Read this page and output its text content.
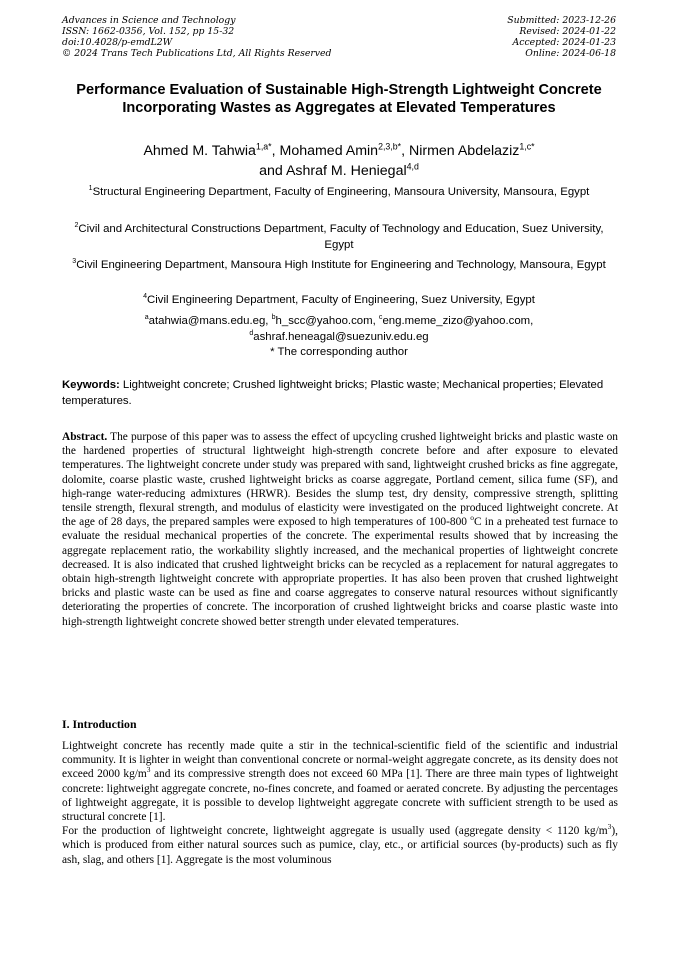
Advances in Science and Technology
ISSN: 1662-0356, Vol. 152, pp 15-32
doi:10.4028/p-emdL2W
© 2024 Trans Tech Publications Ltd, All Rights Reserved
Submitted: 2023-12-26
Revised: 2024-01-22
Accepted: 2024-01-23
Online: 2024-06-18
Performance Evaluation of Sustainable High-Strength Lightweight Concrete Incorporating Wastes as Aggregates at Elevated Temperatures
Ahmed M. Tahwia$^{1,a*}$, Mohamed Amin$^{2,3,b*}$, Nirmen Abdelaziz$^{1,c*}$
and Ashraf M. Heniegal$^{4,d}$
$^1$Structural Engineering Department, Faculty of Engineering, Mansoura University, Mansoura, Egypt
$^2$Civil and Architectural Constructions Department, Faculty of Technology and Education, Suez University, Egypt
$^3$Civil Engineering Department, Mansoura High Institute for Engineering and Technology, Mansoura, Egypt
$^4$Civil Engineering Department, Faculty of Engineering, Suez University, Egypt
$^a$atahwia@mans.edu.eg, $^b$h_scc@yahoo.com, $^c$eng.meme_zizo@yahoo.com,
$^d$ashraf.heneagal@suezuniv.edu.eg
* The corresponding author
Keywords: Lightweight concrete; Crushed lightweight bricks; Plastic waste; Mechanical properties; Elevated temperatures.
Abstract. The purpose of this paper was to assess the effect of upcycling crushed lightweight bricks and plastic waste on the hardened properties of structural lightweight high-strength concrete before and after exposure to elevated temperatures. The lightweight concrete under study was prepared with sand, lightweight crushed bricks as fine aggregate, dolomite, coarse plastic waste, crushed lightweight bricks as coarse aggregate, Portland cement, silica fume (SF), and high-range water-reducing admixtures (HRWR). Besides the slump test, dry density, compressive strength, splitting tensile strength, flexural strength, and modulus of elasticity were investigated on the produced lightweight concrete. At the age of 28 days, the prepared samples were exposed to high temperatures of 100-800 $^o$C in a preheated test furnace to evaluate the residual mechanical properties of the concrete. The experimental results showed that by increasing the aggregate replacement ratio, the workability slightly increased, and the mechanical properties of lightweight concrete decreased. It is also indicated that crushed lightweight bricks can be recycled as a replacement for natural aggregates to obtain high-strength lightweight concrete with appropriate properties. It has also been proven that crushed lightweight bricks and plastic waste can be used as fine and coarse aggregates to conserve natural resources without significantly deteriorating the properties of concrete. The incorporation of crushed lightweight bricks and coarse plastic waste into high-strength lightweight concrete showed better strength under elevated temperatures.
I. Introduction
Lightweight concrete has recently made quite a stir in the technical-scientific field of the scientific and industrial community. It is lighter in weight than conventional concrete or normal-weight aggregate concrete, as its density does not exceed 2000 $kg/m^3$ and its compressive strength does not exceed 60 MPa [1]. There are three main types of lightweight concrete: lightweight aggregate concrete, no-fines concrete, and foamed or aerated concrete. By adjusting the percentages of lightweight aggregate, it is possible to develop lightweight aggregate concrete with sufficient strength to be used as structural concrete [1].
For the production of lightweight concrete, lightweight aggregate is usually used (aggregate density < 1120 $kg/m^3$), which is produced from either natural sources such as pumice, clay, etc., or artificial sources (by-products) such as fly ash, slag, and others [1]. Aggregate is the most voluminous
